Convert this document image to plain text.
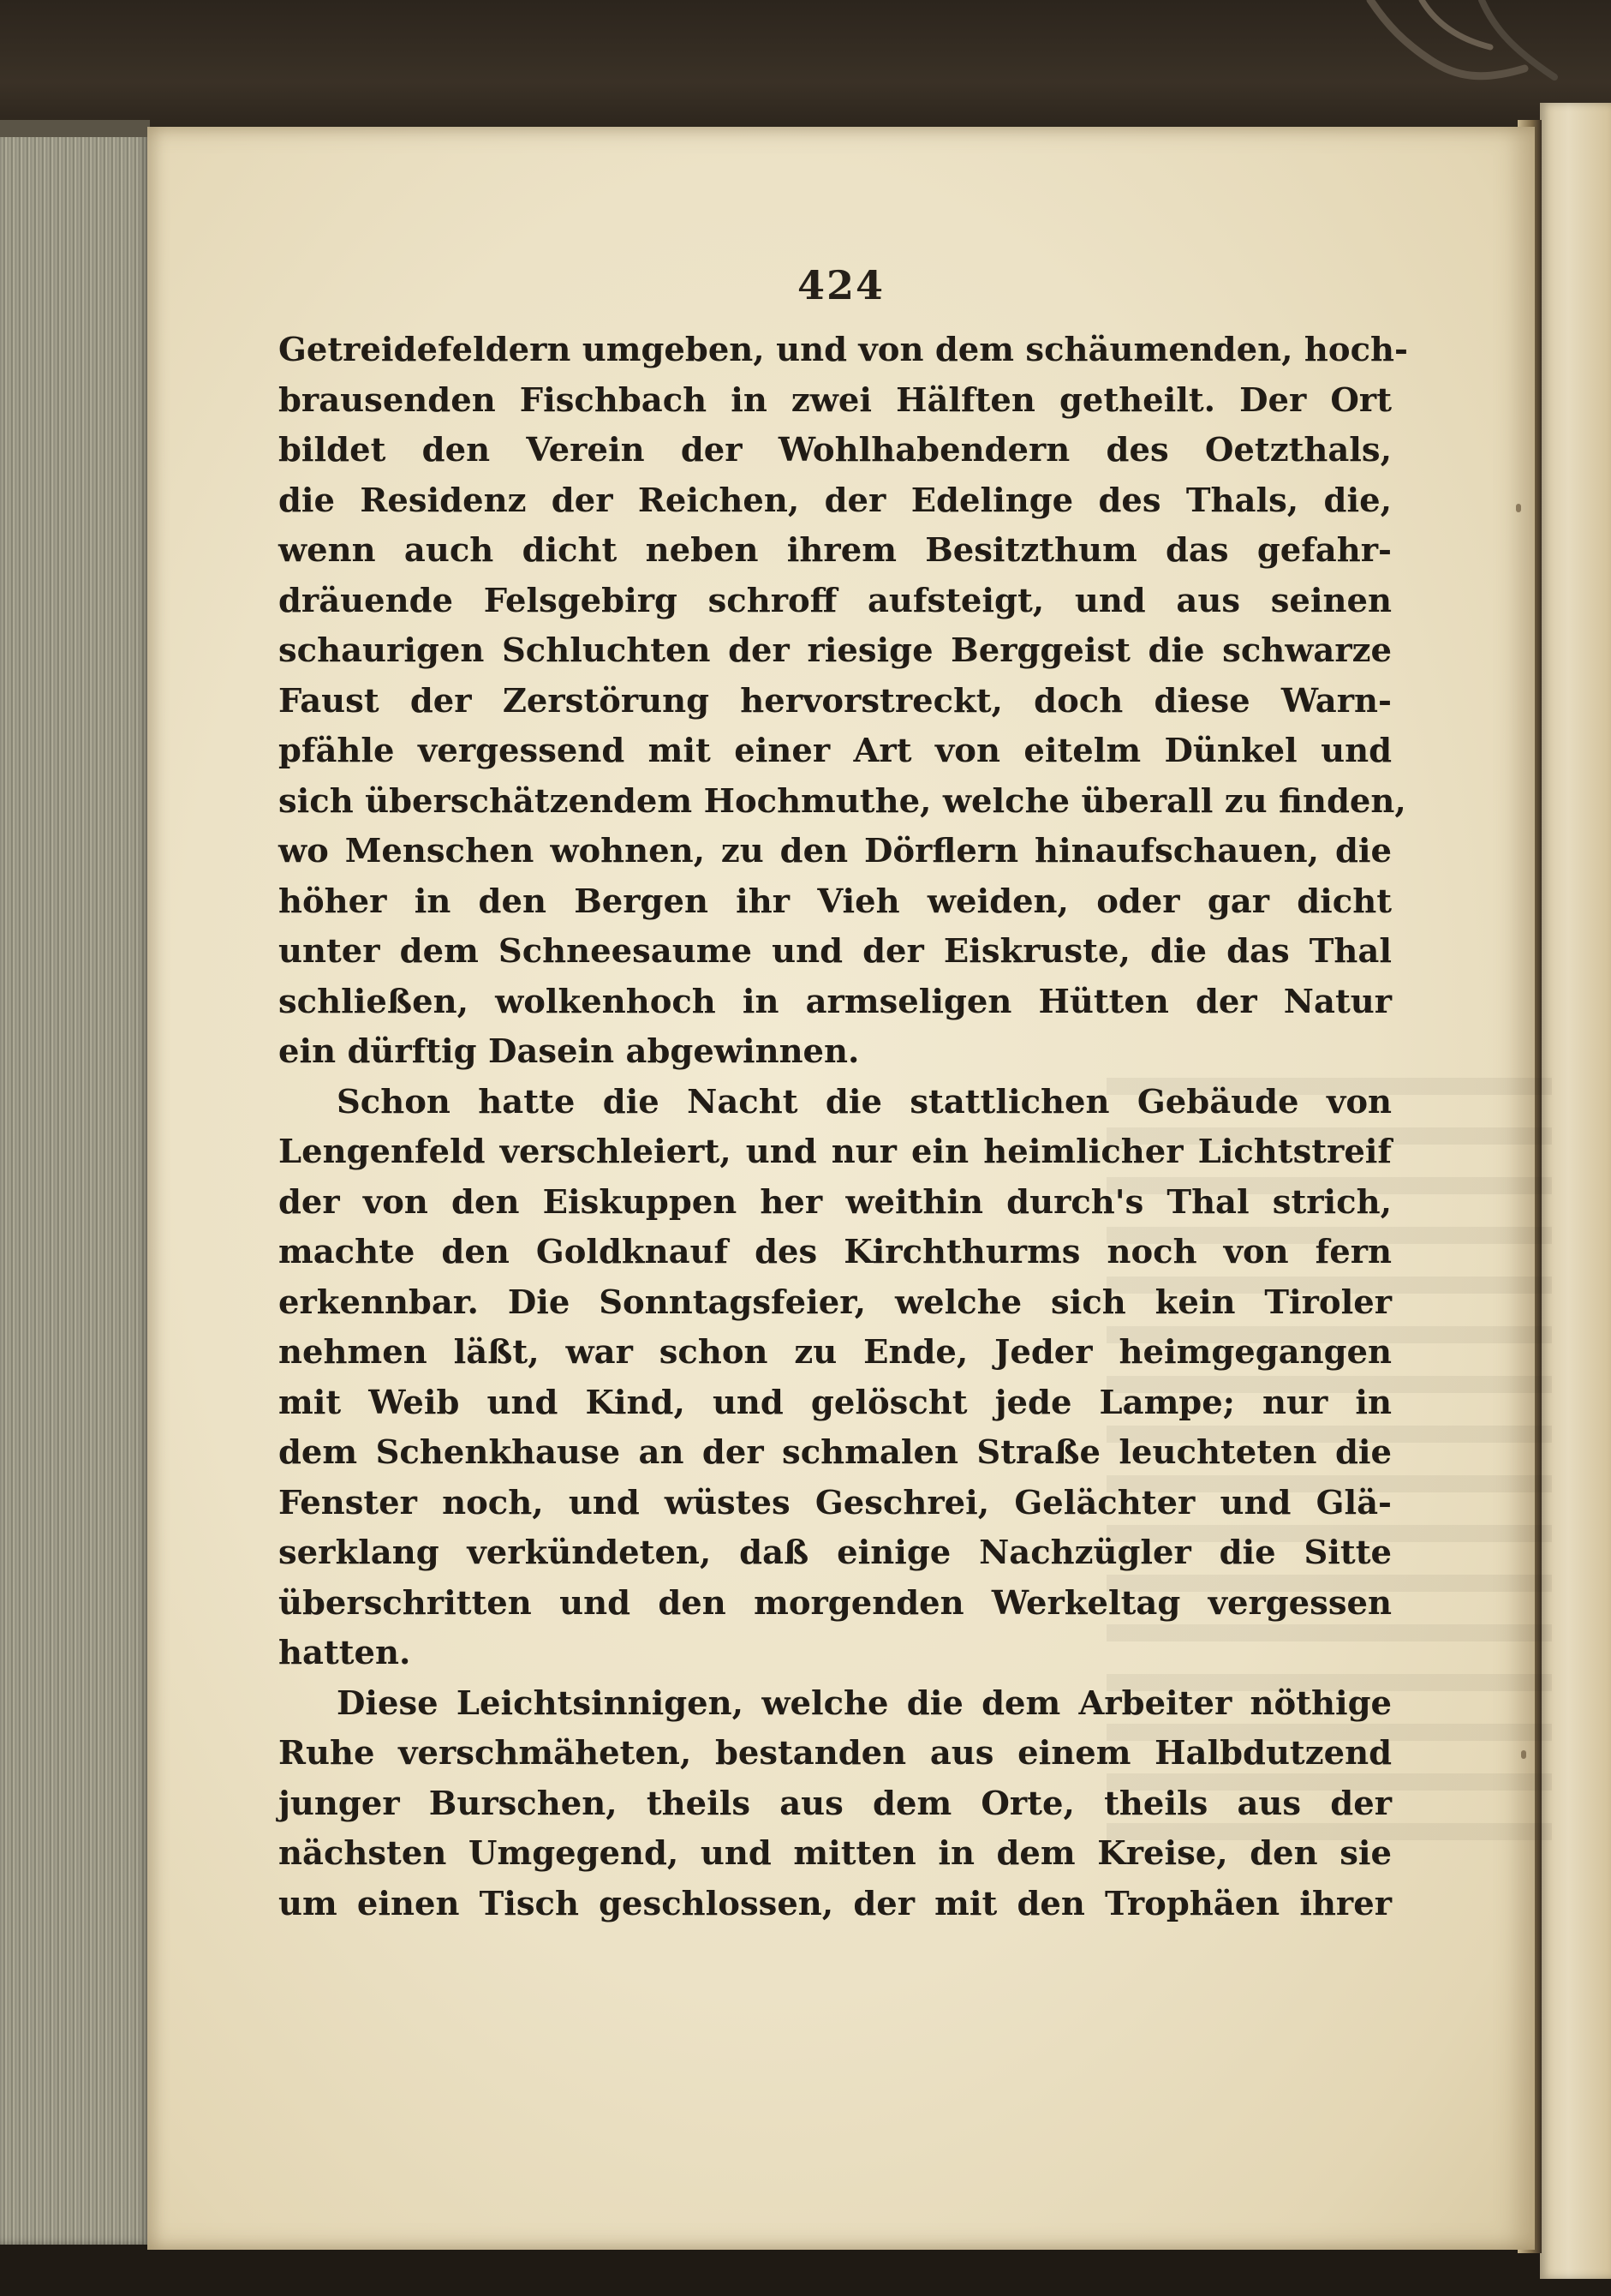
424
Getreidefeldern umgeben, und von dem schäumenden, hoch-
brausenden Fischbach in zwei Hälften getheilt. Der Ort
bildet den Verein der Wohlhabendern des Oetzthals,
die Residenz der Reichen, der Edelinge des Thals, die,
wenn auch dicht neben ihrem Besitzthum das gefahr-
dräuende Felsgebirg schroff aufsteigt, und aus seinen
schaurigen Schluchten der riesige Berggeist die schwarze
Faust der Zerstörung hervorstreckt, doch diese Warn-
pfähle vergessend mit einer Art von eitelm Dünkel und
sich überschätzendem Hochmuthe, welche überall zu finden,
wo Menschen wohnen, zu den Dörflern hinaufschauen, die
höher in den Bergen ihr Vieh weiden, oder gar dicht
unter dem Schneesaume und der Eiskruste, die das Thal
schließen, wolkenhoch in armseligen Hütten der Natur
ein dürftig Dasein abgewinnen.
Schon hatte die Nacht die stattlichen Gebäude von
Lengenfeld verschleiert, und nur ein heimlicher Lichtstreif
der von den Eiskuppen her weithin durch's Thal strich,
machte den Goldknauf des Kirchthurms noch von fern
erkennbar. Die Sonntagsfeier, welche sich kein Tiroler
nehmen läßt, war schon zu Ende, Jeder heimgegangen
mit Weib und Kind, und gelöscht jede Lampe; nur in
dem Schenkhause an der schmalen Straße leuchteten die
Fenster noch, und wüstes Geschrei, Gelächter und Glä-
serklang verkündeten, daß einige Nachzügler die Sitte
überschritten und den morgenden Werkeltag vergessen
hatten.
Diese Leichtsinnigen, welche die dem Arbeiter nöthige
Ruhe verschmäheten, bestanden aus einem Halbdutzend
junger Burschen, theils aus dem Orte, theils aus der
nächsten Umgegend, und mitten in dem Kreise, den sie
um einen Tisch geschlossen, der mit den Trophäen ihrer
